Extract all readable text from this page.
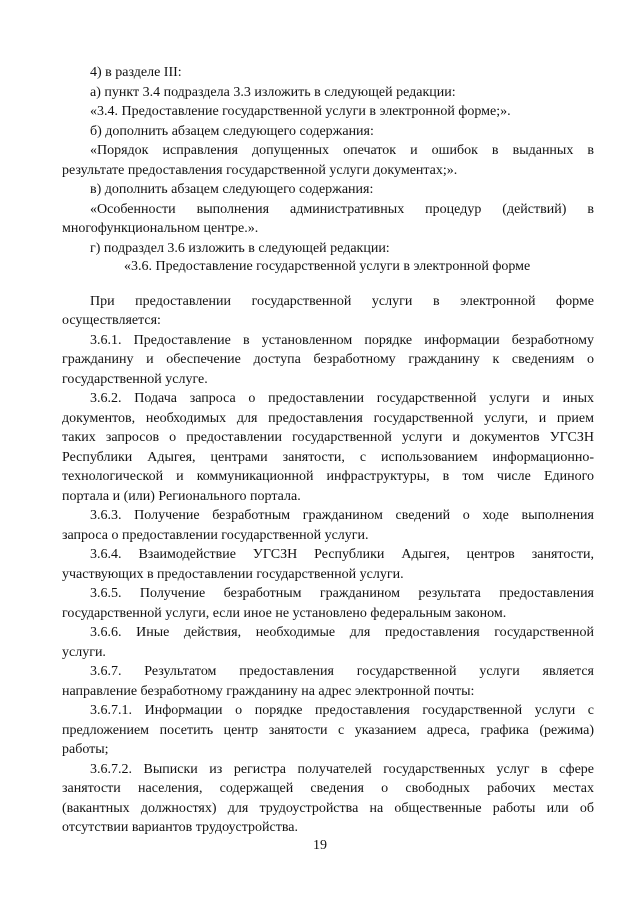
4) в разделе III:
а) пункт 3.4 подраздела 3.3 изложить в следующей редакции:
«3.4. Предоставление государственной услуги в электронной форме;».
б) дополнить абзацем следующего содержания:
«Порядок исправления допущенных опечаток и ошибок в выданных в
результате предоставления государственной услуги документах;».
в) дополнить абзацем следующего содержания:
«Особенности выполнения административных процедур (действий) в
многофункциональном центре.».
г) подраздел 3.6 изложить в следующей редакции:
«3.6. Предоставление государственной услуги в электронной форме
При предоставлении государственной услуги в электронной форме
осуществляется:
3.6.1. Предоставление в установленном порядке информации безработному
гражданину и обеспечение доступа безработному гражданину к сведениям о
государственной услуге.
3.6.2. Подача запроса о предоставлении государственной услуги и иных
документов, необходимых для предоставления государственной услуги, и прием
таких запросов о предоставлении государственной услуги и документов УГСЗН
Республики Адыгея, центрами занятости, с использованием информационно-
технологической и коммуникационной инфраструктуры, в том числе Единого
портала и (или) Регионального портала.
3.6.3. Получение безработным гражданином сведений о ходе выполнения
запроса о предоставлении государственной услуги.
3.6.4. Взаимодействие УГСЗН Республики Адыгея, центров занятости,
участвующих в предоставлении государственной услуги.
3.6.5. Получение безработным гражданином результата предоставления
государственной услуги, если иное не установлено федеральным законом.
3.6.6. Иные действия, необходимые для предоставления государственной
услуги.
3.6.7. Результатом предоставления государственной услуги является
направление безработному гражданину на адрес электронной почты:
3.6.7.1. Информации о порядке предоставления государственной услуги с
предложением посетить центр занятости с указанием адреса, графика (режима)
работы;
3.6.7.2. Выписки из регистра получателей государственных услуг в сфере
занятости населения, содержащей сведения о свободных рабочих местах
(вакантных должностях) для трудоустройства на общественные работы или об
отсутствии вариантов трудоустройства.
19
